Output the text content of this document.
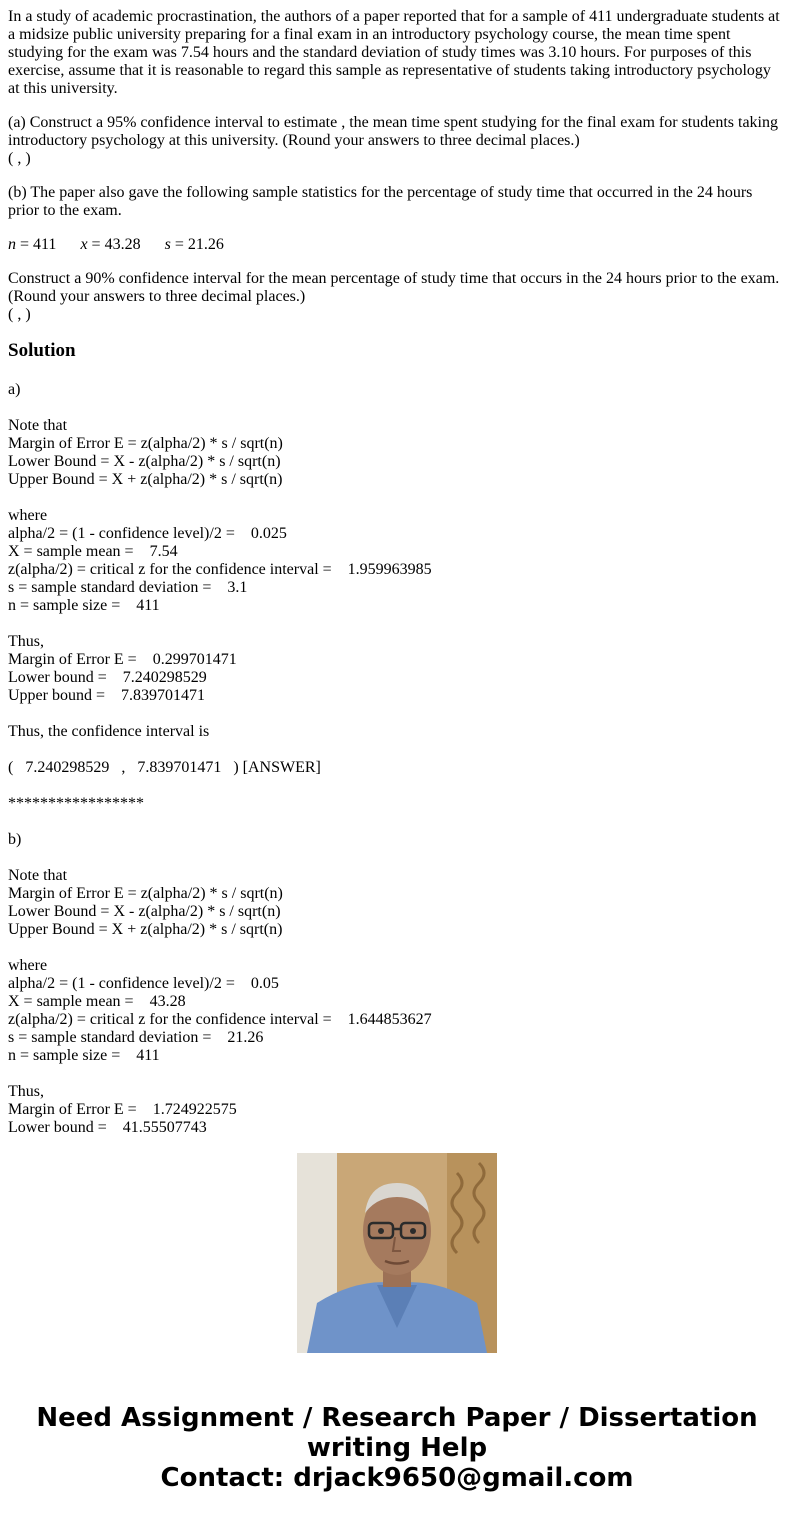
In a study of academic procrastination, the authors of a paper reported that for a sample of 411 undergraduate students at a midsize public university preparing for a final exam in an introductory psychology course, the mean time spent studying for the exam was 7.54 hours and the standard deviation of study times was 3.10 hours. For purposes of this exercise, assume that it is reasonable to regard this sample as representative of students taking introductory psychology at this university.

(a) Construct a 95% confidence interval to estimate , the mean time spent studying for the final exam for students taking introductory psychology at this university. (Round your answers to three decimal places.)
( , )

(b) The paper also gave the following sample statistics for the percentage of study time that occurred in the 24 hours prior to the exam.

n = 411 x = 43.28 s = 21.26

Construct a 90% confidence interval for the mean percentage of study time that occurs in the 24 hours prior to the exam. (Round your answers to three decimal places.)
( , )

Solution
a)
Note that
Margin of Error E = z(alpha/2) * s / sqrt(n)
Lower Bound = X - z(alpha/2) * s / sqrt(n)
Upper Bound = X + z(alpha/2) * s / sqrt(n)
where
alpha/2 = (1 - confidence level)/2 =    0.025
X = sample mean =    7.54
z(alpha/2) = critical z for the confidence interval =    1.959963985
s = sample standard deviation =    3.1
n = sample size =    411
Thus,
Margin of Error E =    0.299701471
Lower bound =    7.240298529
Upper bound =    7.839701471
Thus, the confidence interval is
(   7.240298529   ,   7.839701471   ) [ANSWER]
*****************
b)
Note that
Margin of Error E = z(alpha/2) * s / sqrt(n)
Lower Bound = X - z(alpha/2) * s / sqrt(n)
Upper Bound = X + z(alpha/2) * s / sqrt(n)
where
alpha/2 = (1 - confidence level)/2 =    0.05
X = sample mean =    43.28
z(alpha/2) = critical z for the confidence interval =    1.644853627
s = sample standard deviation =    21.26
n = sample size =    411
Thus,
Margin of Error E =    1.724922575
Lower bound =    41.55507743
Need Assignment / Research Paper / Dissertation
writing Help
Contact: drjack9650@gmail.com
